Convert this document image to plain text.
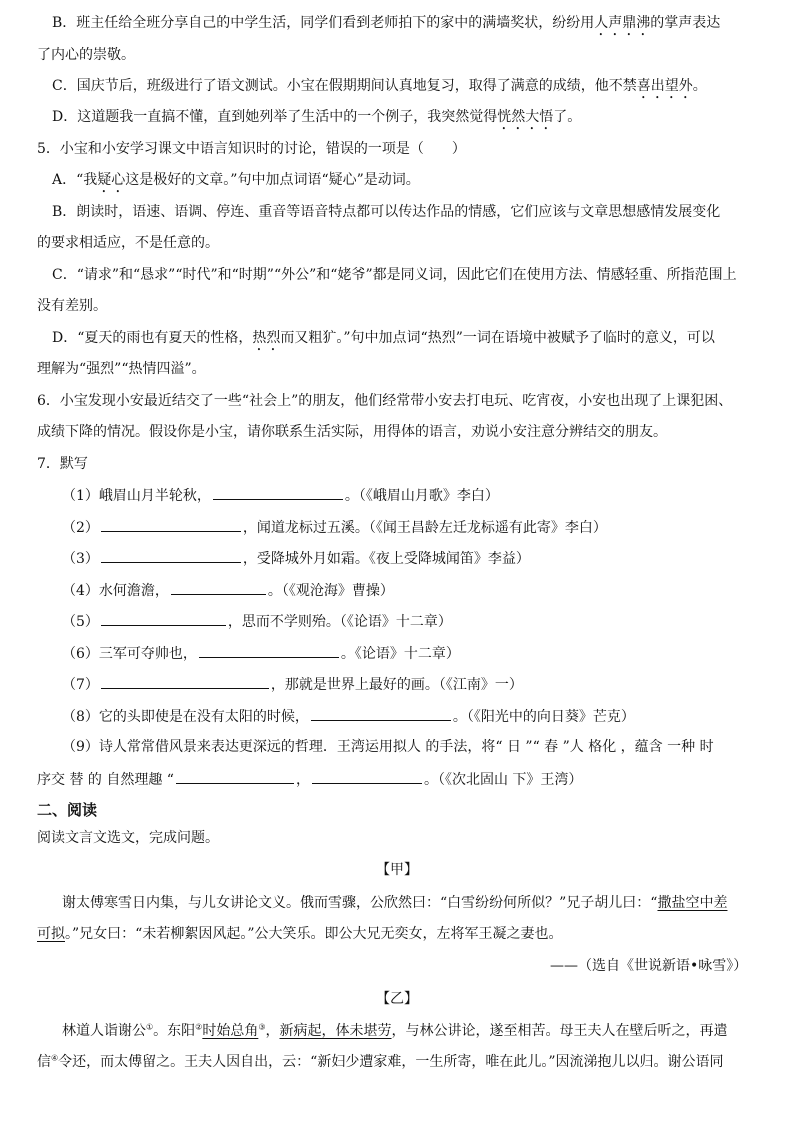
B．班主任给全班分享自己的中学生活，同学们看到老师拍下的家中的满墙奖状，纷纷用人声鼎沸的掌声表达
了内心的崇敬。
C．国庆节后，班级进行了语文测试。小宝在假期期间认真地复习，取得了满意的成绩，他不禁喜出望外。
D．这道题我一直搞不懂，直到她列举了生活中的一个例子，我突然觉得恍然大悟了。
5．小宝和小安学习课文中语言知识时的讨论，错误的一项是（　　）
A．“我疑心这是极好的文章。”句中加点词语“疑心”是动词。
B．朗读时，语速、语调、停连、重音等语音特点都可以传达作品的情感，它们应该与文章思想感情发展变化
的要求相适应，不是任意的。
C．“请求”和“恳求”“时代”和“时期”“外公”和“姥爷”都是同义词，因此它们在使用方法、情感轻重、所指范围上
没有差别。
D．“夏天的雨也有夏天的性格，热烈而又粗犷。”句中加点词“热烈”一词在语境中被赋予了临时的意义，可以
理解为“强烈”“热情四溢”。
6．小宝发现小安最近结交了一些“社会上”的朋友，他们经常带小安去打电玩、吃宵夜，小安也出现了上课犯困、
成绩下降的情况。假设你是小宝，请你联系生活实际，用得体的语言，劝说小安注意分辨结交的朋友。
7．默写
（1）峨眉山月半轮秋，	。（《峨眉山月歌》李白）
（2）	，闻道龙标过五溪。（《闻王昌龄左迁龙标遥有此寄》李白）
（3）	，受降城外月如霜。《夜上受降城闻笛》李益）
（4）水何澹澹，	。（《观沧海》曹操）
（5）	，思而不学则殆。（《论语》十二章）
（6）三军可夺帅也，	。《论语》十二章）
（7）	，那就是世界上最好的画。（《江南》一）
（8）它的头即使是在没有太阳的时候，	。（《阳光中的向日葵》芒克）
（9）诗人常常借风景来表达更深远的哲理．王湾运用拟人 的手法，将“ 日 ”“ 春 ”人 格化 ，蕴含 一种 时
序交 替 的 自然理趣 “	，	。（《次北固山 下》王湾）
二、阅读
阅读文言文选文，完成问题。
【甲】
谢太傅寒雪日内集，与儿女讲论文义。俄而雪骤，公欣然曰：“白雪纷纷何所似？”兄子胡儿曰：“撒盐空中差
可拟。”兄女曰：“未若柳絮因风起。”公大笑乐。即公大兄无奕女，左将军王凝之妻也。
——（选自《世说新语•咏雪》）
【乙】
林道人诣谢公①。东阳②时始总角③，新病起，体未堪劳，与林公讲论，遂至相苦。母王夫人在壁后听之，再遣
信④令还，而太傅留之。王夫人因自出，云：“新妇少遭家难，一生所寄，唯在此儿。”因流涕抱儿以归。谢公语同
